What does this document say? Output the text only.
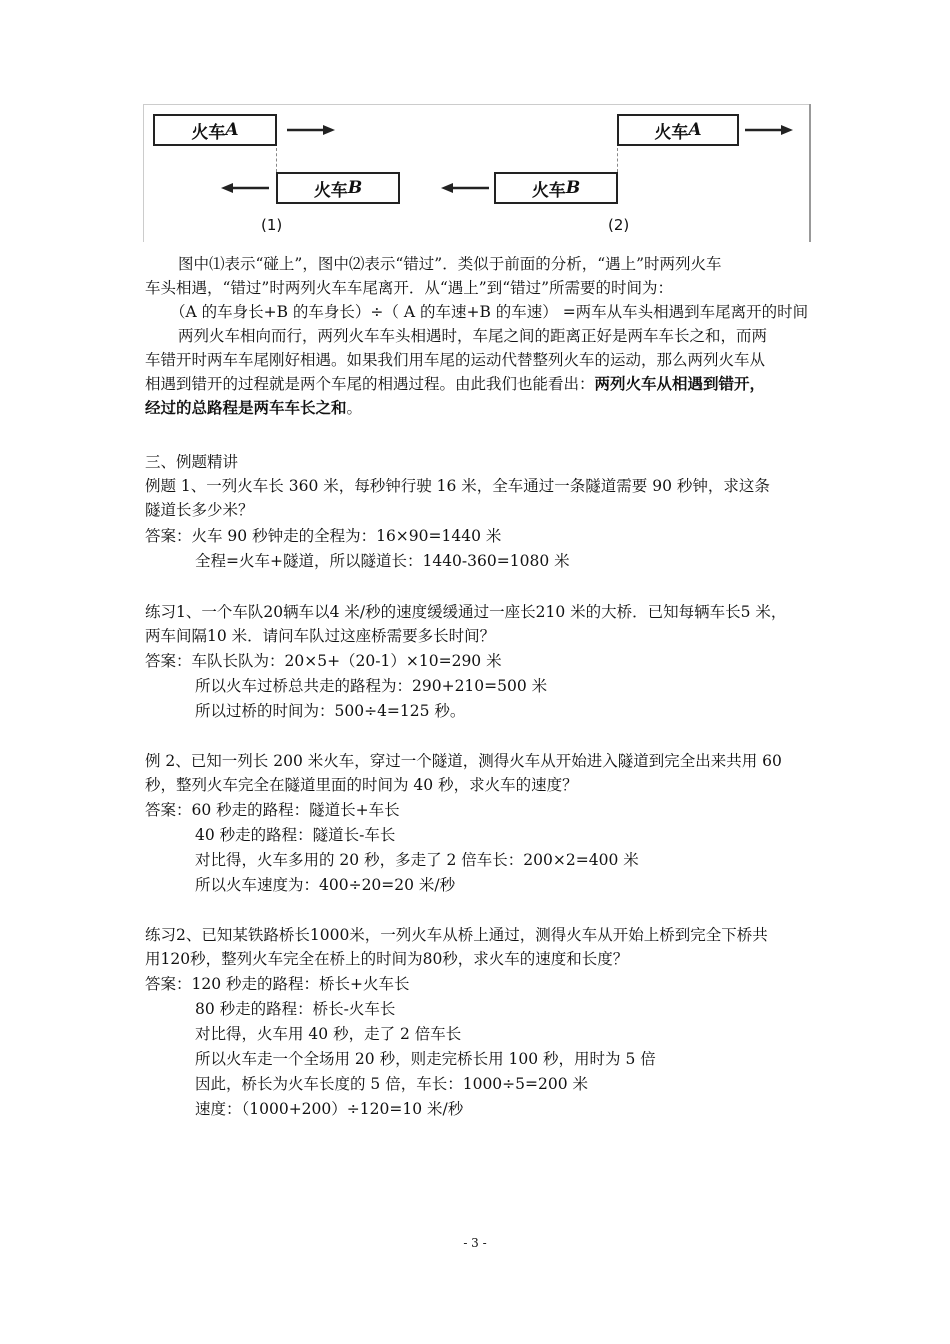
火车 A
火车 B
(1)
火车 A
火车 B
(2)
图中⑴表示“碰上”，图中⑵表示“错过”．类似于前面的分析，“遇上”时两列火车
车头相遇，“错过”时两列火车车尾离开．从“遇上”到“错过”所需要的时间为：
（A 的车身长+B 的车身长）÷（ A 的车速+B 的车速） =两车从车头相遇到车尾离开的时间
两列火车相向而行，两列火车车头相遇时，车尾之间的距离正好是两车车长之和，而两
车错开时两车车尾刚好相遇。如果我们用车尾的运动代替整列火车的运动，那么两列火车从
相遇到错开的过程就是两个车尾的相遇过程。由此我们也能看出：两列火车从相遇到错开，
经过的总路程是两车车长之和。
三、例题精讲
例题 1、一列火车长 360 米，每秒钟行驶 16 米，全车通过一条隧道需要 90 秒钟，求这条
隧道长多少米？
答案：火车 90 秒钟走的全程为：16×90=1440 米
全程=火车+隧道，所以隧道长：1440-360=1080 米
练习1、一个车队20辆车以4 米/秒的速度缓缓通过一座长210 米的大桥．已知每辆车长5 米，
两车间隔10 米．请问车队过这座桥需要多长时间？
答案：车队长队为：20×5+（20-1）×10=290 米
所以火车过桥总共走的路程为：290+210=500 米
所以过桥的时间为：500÷4=125 秒。
例 2、已知一列长 200 米火车，穿过一个隧道，测得火车从开始进入隧道到完全出来共用 60
秒，整列火车完全在隧道里面的时间为 40 秒，求火车的速度？
答案：60 秒走的路程：隧道长+车长
40 秒走的路程：隧道长-车长
对比得，火车多用的 20 秒，多走了 2 倍车长：200×2=400 米
所以火车速度为：400÷20=20 米/秒
练习2、已知某铁路桥长1000米，一列火车从桥上通过，测得火车从开始上桥到完全下桥共
用120秒，整列火车完全在桥上的时间为80秒，求火车的速度和长度？
答案：120 秒走的路程：桥长+火车长
80 秒走的路程：桥长-火车长
对比得，火车用 40 秒，走了 2 倍车长
所以火车走一个全场用 20 秒，则走完桥长用 100 秒，用时为 5 倍
因此，桥长为火车长度的 5 倍，车长：1000÷5=200 米
速度：（1000+200）÷120=10 米/秒
- 3 -
